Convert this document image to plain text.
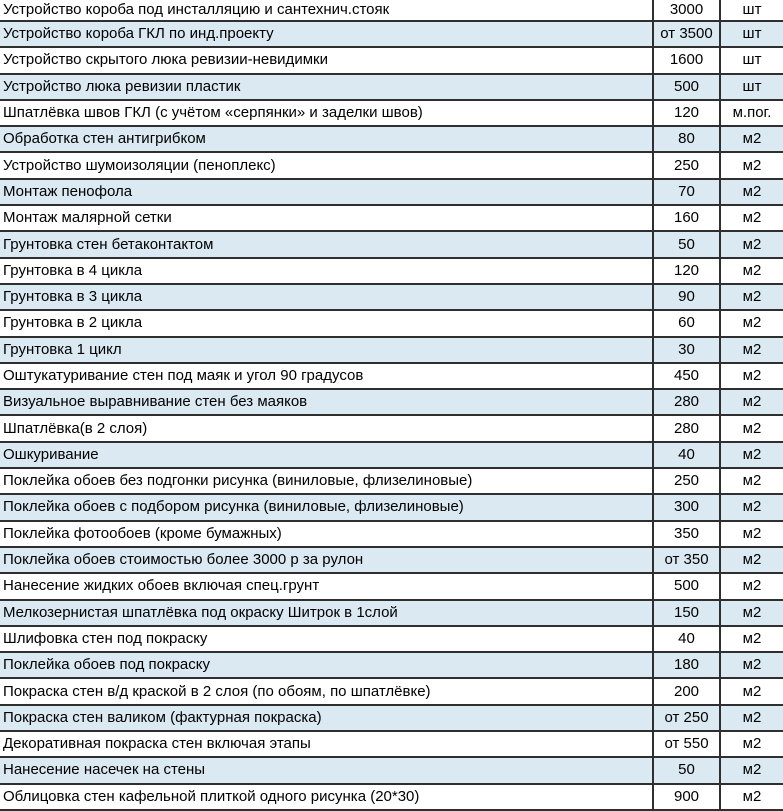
Устройство короба под инсталляцию и сантехнич.стояк	3000	шт
Устройство короба ГКЛ по инд.проекту	от 3500	шт
Устройство скрытого люка ревизии-невидимки	1600	шт
Устройство люка ревизии пластик	500	шт
Шпатлёвка швов ГКЛ (с учётом «серпянки» и заделки швов)	120	м.пог.
Обработка стен антигрибком	80	м2
Устройство шумоизоляции (пеноплекс)	250	м2
Монтаж пенофола	70	м2
Монтаж малярной сетки	160	м2
Грунтовка стен бетаконтактом	50	м2
Грунтовка в 4 цикла	120	м2
Грунтовка в 3 цикла	90	м2
Грунтовка в 2 цикла	60	м2
Грунтовка 1 цикл	30	м2
Оштукатуривание стен под маяк и угол 90 градусов	450	м2
Визуальное выравнивание стен без маяков	280	м2
Шпатлёвка(в 2 слоя)	280	м2
Ошкуривание	40	м2
Поклейка обоев без подгонки рисунка (виниловые, флизелиновые)	250	м2
Поклейка обоев с подбором рисунка (виниловые, флизелиновые)	300	м2
Поклейка фотообоев (кроме бумажных)	350	м2
Поклейка обоев стоимостью более 3000 р за рулон	от 350	м2
Нанесение жидких обоев включая спец.грунт	500	м2
Мелкозернистая шпатлёвка под окраску Шитрок в 1слой	150	м2
Шлифовка стен под покраску	40	м2
Поклейка обоев под покраску	180	м2
Покраска стен в/д краской в 2 слоя (по обоям, по шпатлёвке)	200	м2
Покраска стен валиком (фактурная покраска)	от 250	м2
Декоративная покраска стен включая этапы	от 550	м2
Нанесение насечек на стены	50	м2
Облицовка стен кафельной плиткой одного рисунка (20*30)	900	м2
